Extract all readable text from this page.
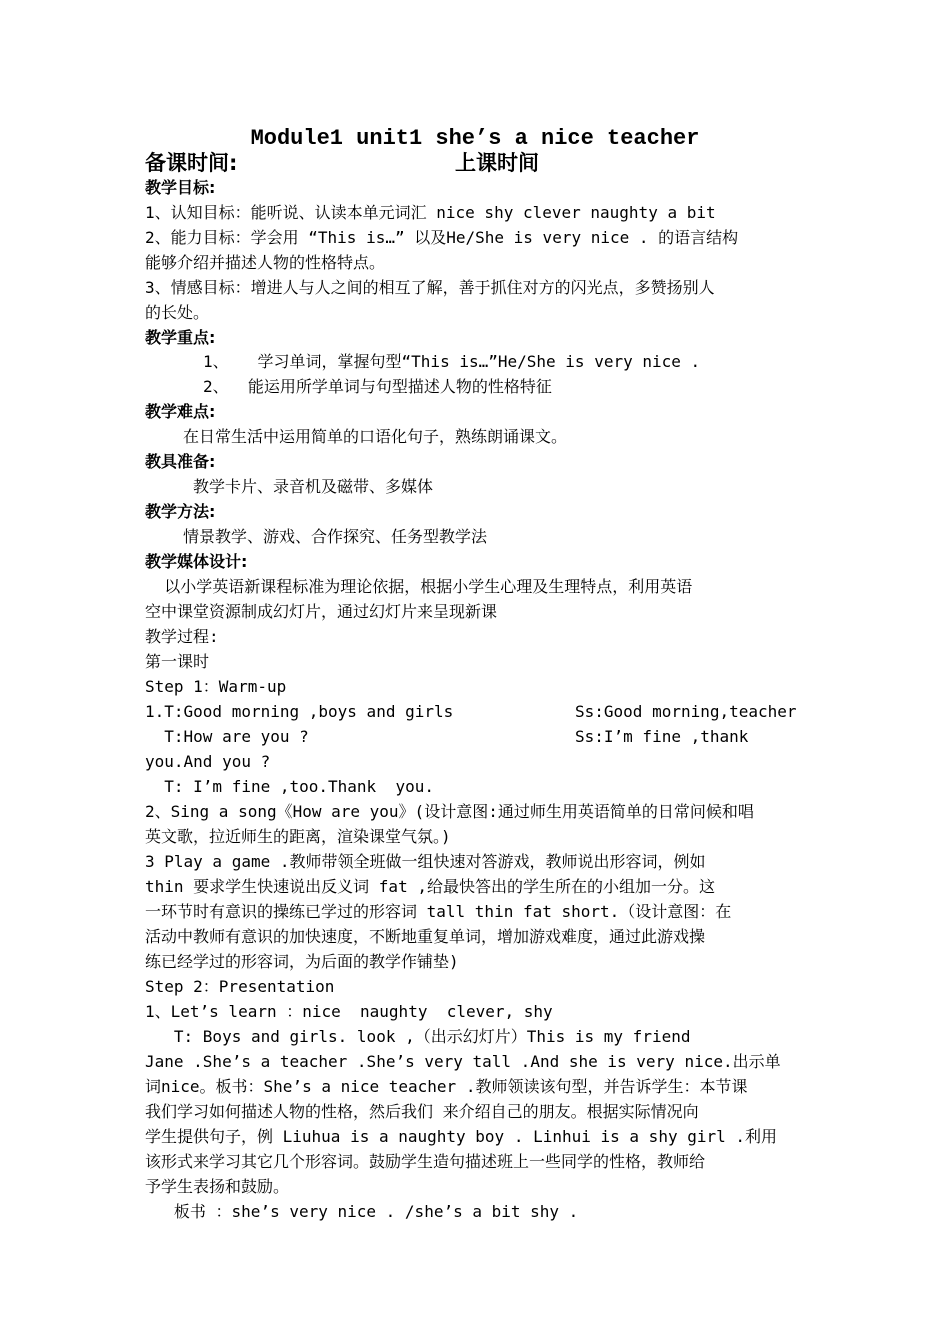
Module1 unit1 she’s a nice teacher
备课时间:	上课时间
教学目标:
1、认知目标：能听说、认读本单元词汇 nice shy clever naughty a bit
2、能力目标：学会用 “This is…” 以及He/She is very nice . 的语言结构
能够介绍并描述人物的性格特点。
3、情感目标：增进人与人之间的相互了解，善于抓住对方的闪光点，多赞扬别人
的长处。
教学重点:
1、   学习单词，掌握句型“This is…”He/She is very nice .
2、  能运用所学单词与句型描述人物的性格特征
教学难点:
在日常生活中运用简单的口语化句子，熟练朗诵课文。
教具准备:
教学卡片、录音机及磁带、多媒体
教学方法:
情景教学、游戏、合作探究、任务型教学法
教学媒体设计:
以小学英语新课程标准为理论依据，根据小学生心理及生理特点，利用英语
空中课堂资源制成幻灯片，通过幻灯片来呈现新课
教学过程:
第一课时
Step 1：Warm-up
1.T:Good morning ,boys and girls	Ss:Good morning,teacher
T:How are you ?	Ss:I’m fine ,thank
you.And you ?
T: I’m fine ,too.Thank  you.
2、Sing a song《How are you》(设计意图:通过师生用英语简单的日常问候和唱
英文歌，拉近师生的距离，渲染课堂气氛。)
3 Play a game .教师带领全班做一组快速对答游戏，教师说出形容词，例如
thin 要求学生快速说出反义词 fat ,给最快答出的学生所在的小组加一分。这
一环节时有意识的操练已学过的形容词 tall thin fat short.（设计意图：在
活动中教师有意识的加快速度，不断地重复单词，增加游戏难度，通过此游戏操
练已经学过的形容词，为后面的教学作铺垫)
Step 2：Presentation
1、Let’s learn ：nice  naughty  clever, shy
T: Boys and girls. look ,（出示幻灯片）This is my friend
Jane .She’s a teacher .She’s very tall .And she is very nice.出示单
词nice。板书：She’s a nice teacher .教师领读该句型，并告诉学生：本节课
我们学习如何描述人物的性格，然后我们 来介绍自己的朋友。根据实际情况向
学生提供句子，例 Liuhua is a naughty boy . Linhui is a shy girl .利用
该形式来学习其它几个形容词。鼓励学生造句描述班上一些同学的性格，教师给
予学生表扬和鼓励。
板书 ：she’s very nice . /she’s a bit shy .
